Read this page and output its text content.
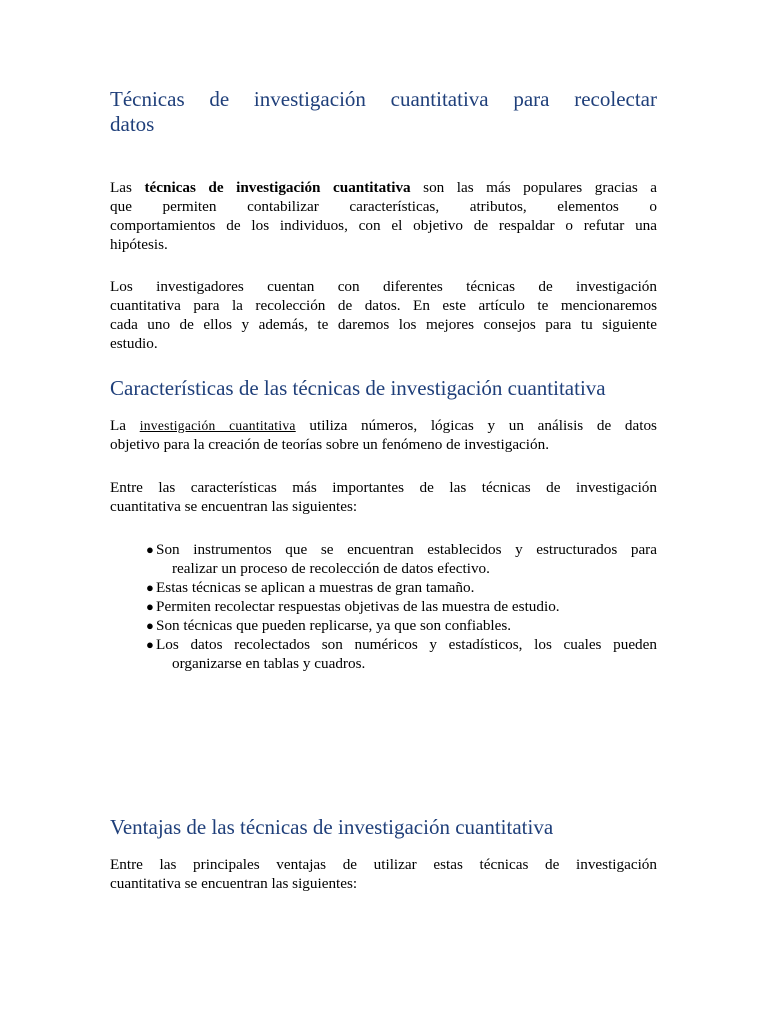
Técnicas de investigación cuantitativa para recolectar
datos
Las técnicas de investigación cuantitativa son las más populares gracias a
que permiten contabilizar características, atributos, elementos o
comportamientos de los individuos, con el objetivo de respaldar o refutar una
hipótesis.
Los investigadores cuentan con diferentes técnicas de investigación
cuantitativa para la recolección de datos. En este artículo te mencionaremos
cada uno de ellos y además, te daremos los mejores consejos para tu siguiente
estudio.
Características de las técnicas de investigación cuantitativa
La investigación cuantitativa utiliza números, lógicas y un análisis de datos
objetivo para la creación de teorías sobre un fenómeno de investigación.
Entre las características más importantes de las técnicas de investigación
cuantitativa se encuentran las siguientes:
● Son instrumentos que se encuentran establecidos y estructurados para
realizar un proceso de recolección de datos efectivo.
● Estas técnicas se aplican a muestras de gran tamaño.
● Permiten recolectar respuestas objetivas de las muestra de estudio.
● Son técnicas que pueden replicarse, ya que son confiables.
● Los datos recolectados son numéricos y estadísticos, los cuales pueden
organizarse en tablas y cuadros.
Ventajas de las técnicas de investigación cuantitativa
Entre las principales ventajas de utilizar estas técnicas de investigación
cuantitativa se encuentran las siguientes:
